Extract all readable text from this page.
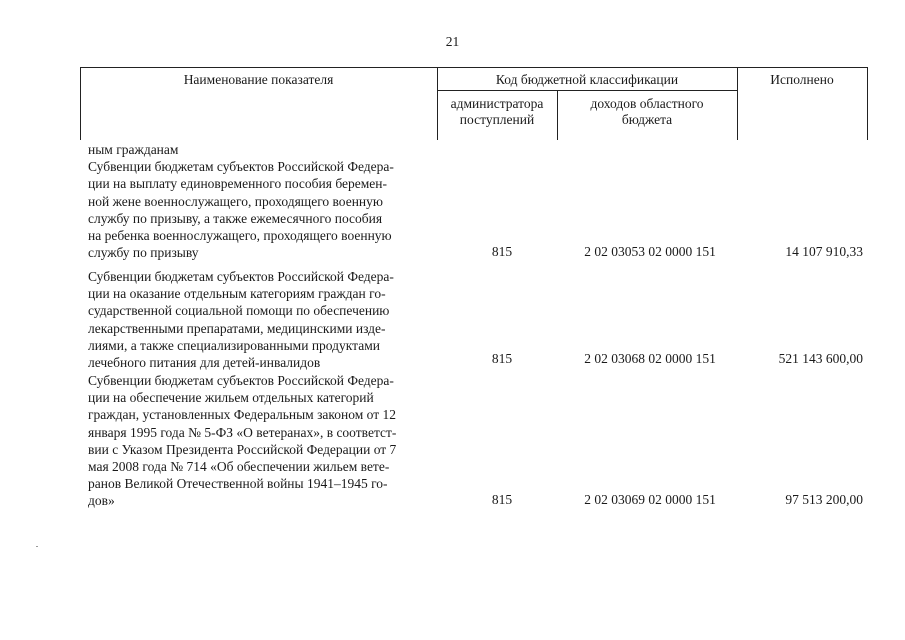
21
Наименование показателя	Код бюджетной классификации	Исполнено
администратора
поступлений
доходов областного
бюджета
ным гражданам
Субвенции бюджетам субъектов Российской Федера-
ции на выплату единовременного пособия беремен-
ной жене военнослужащего, проходящего военную
службу по призыву, а также ежемесячного пособия
на ребенка военнослужащего, проходящего военную
службу по призыву	815	2 02 03053 02 0000 151	14 107 910,33
Субвенции бюджетам субъектов Российской Федера-
ции на оказание отдельным категориям граждан го-
сударственной социальной помощи по обеспечению
лекарственными препаратами, медицинскими изде-
лиями, а также специализированными продуктами
лечебного питания для детей-инвалидов	815	2 02 03068 02 0000 151	521 143 600,00
Субвенции бюджетам субъектов Российской Федера-
ции на обеспечение жильем отдельных категорий
граждан, установленных Федеральным законом от 12
января 1995 года № 5-ФЗ «О ветеранах», в соответст-
вии с Указом Президента Российской Федерации от 7
мая 2008 года № 714 «Об обеспечении жильем вете-
ранов Великой Отечественной войны 1941–1945 го-
дов»	815	2 02 03069 02 0000 151	97 513 200,00
